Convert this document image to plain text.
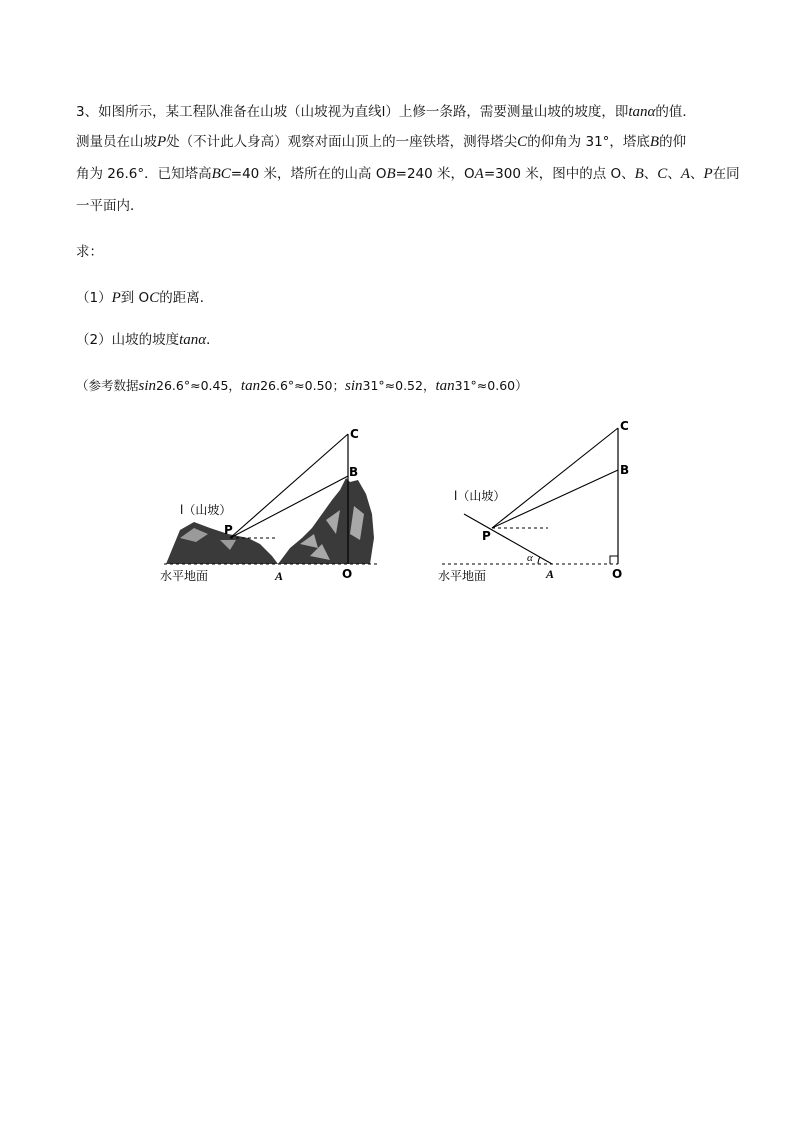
3、如图所示，某工程队准备在山坡（山坡视为直线l）上修一条路，需要测量山坡的坡度，即tanα的值．
测量员在山坡P处（不计此人身高）观察对面山顶上的一座铁塔，测得塔尖C的仰角为 31°，塔底B的仰
角为 26.6°．已知塔高BC=40 米，塔所在的山高 OB=240 米，OA=300 米，图中的点 O、B、C、A、P在同
一平面内．
求：
（1）P到 OC的距离．
（2）山坡的坡度tanα．
（参考数据sin26.6°≈0.45，tan26.6°≈0.50；sin31°≈0.52，tan31°≈0.60）
C
B
P
A	O
l（山坡）
水平地面
C
B
P
A	O
α
l（山坡）
水平地面
